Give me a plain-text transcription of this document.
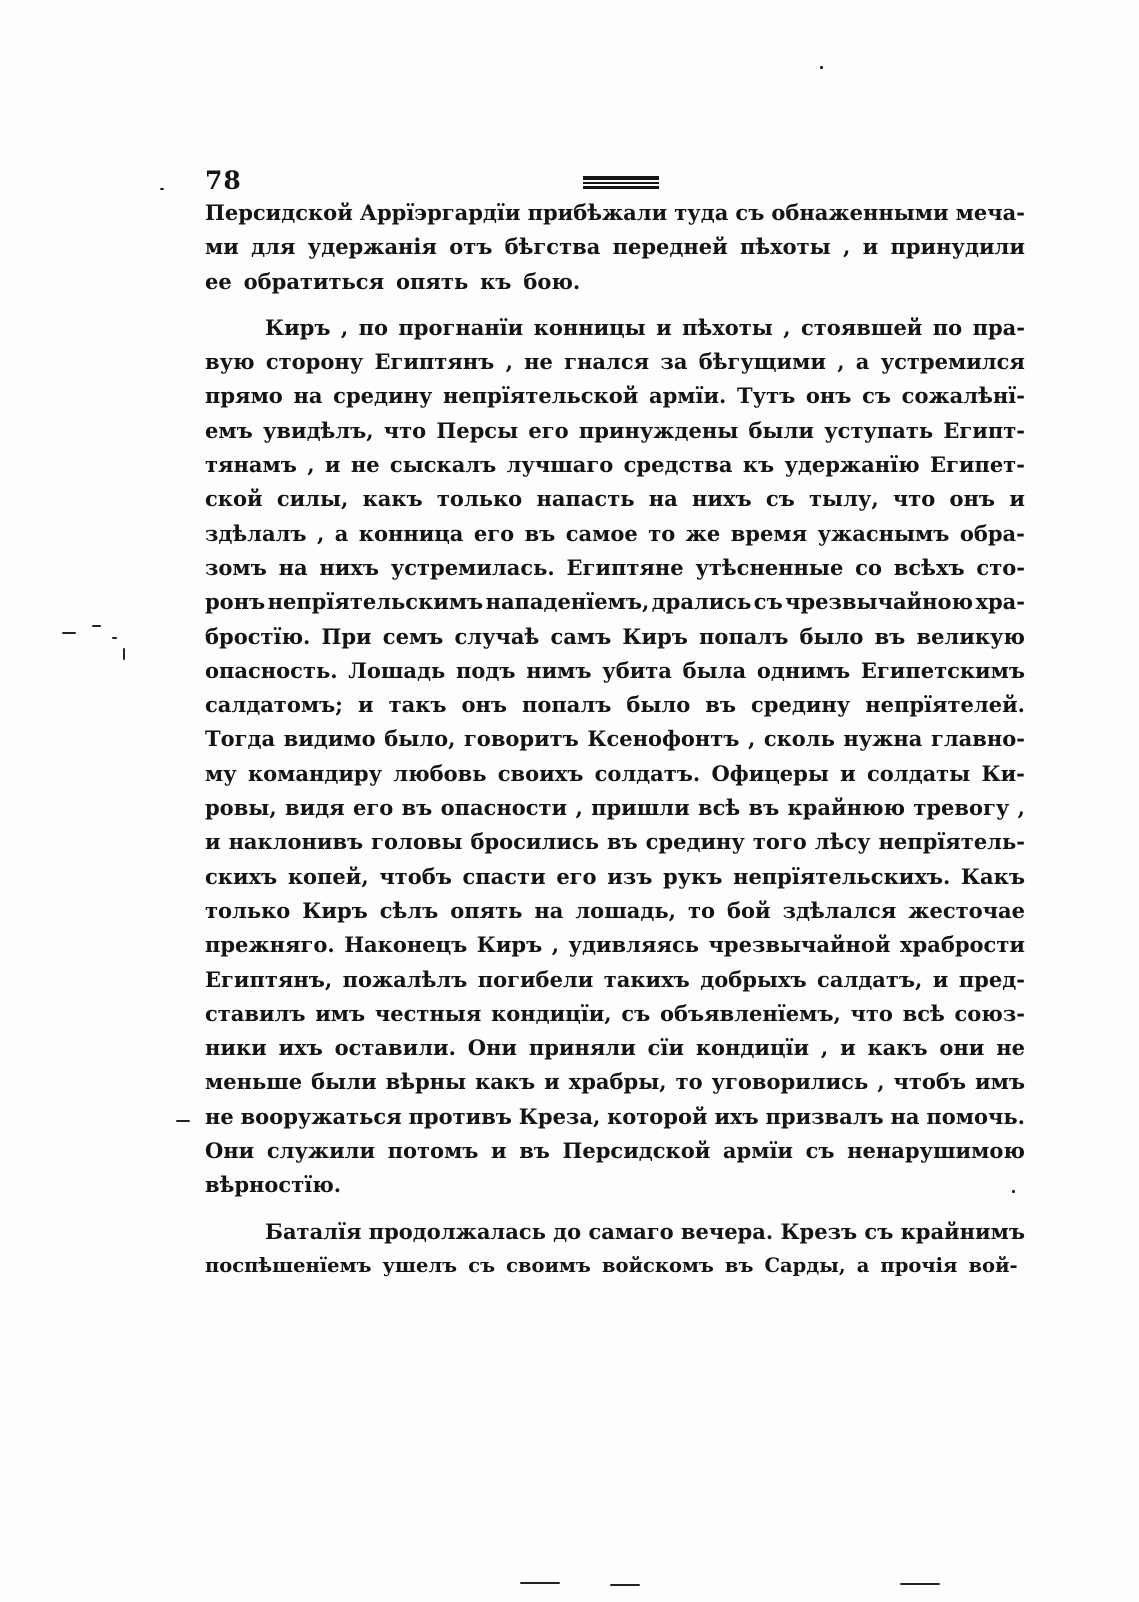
78
Персидской Аррїэргардїи прибѣжали туда съ обнаженными меча-
ми для удержанія отъ бѣгства передней пѣхоты , и принудили
ее обратиться опять къ бою.
Киръ , по прогнанїи конницы и пѣхоты , стоявшей по пра-
вую сторону Египтянъ , не гнался за бѣгущими , а устремился
прямо на средину непрїятельской армїи. Тутъ онъ съ сожалѣнї-
емъ увидѣлъ, что Персы его принуждены были уступать Египт-
тянамъ , и не сыскалъ лучшаго средства къ удержанїю Египет-
ской силы, какъ только напасть на нихъ съ тылу, что онъ и
здѣлалъ , а конница его въ самое то же время ужаснымъ обра-
зомъ на нихъ устремилась. Египтяне утѣсненные со всѣхъ сто-
ронъ непрїятельскимъ нападенїемъ, дрались съ чрезвычайною хра-
бростїю. При семъ случаѣ самъ Киръ попалъ было въ великую
опасность. Лошадь подъ нимъ убита была однимъ Египетскимъ
салдатомъ; и такъ онъ попалъ было въ средину непрїятелей.
Тогда видимо было, говоритъ Ксенофонтъ , сколь нужна главно-
му командиру любовь своихъ солдатъ. Офицеры и солдаты Ки-
ровы, видя его въ опасности , пришли всѣ въ крайнюю тревогу ,
и наклонивъ головы бросились въ средину того лѣсу непрїятель-
скихъ копей, чтобъ спасти его изъ рукъ непрїятельскихъ. Какъ
только Киръ сѣлъ опять на лошадь, то бой здѣлался жесточае
прежняго. Наконецъ Киръ , удивляясь чрезвычайной храбрости
Египтянъ, пожалѣлъ погибели такихъ добрыхъ салдатъ, и пред-
ставилъ имъ честныя кондицїи, съ объявленїемъ, что всѣ союз-
ники ихъ оставили. Они приняли сїи кондицїи , и какъ они не
меньше были вѣрны какъ и храбры, то уговорились , чтобъ имъ
не вооружаться противъ Креза, которой ихъ призвалъ на помочь.
Они служили потомъ и въ Персидской армїи съ ненарушимою
вѣрностїю.
Баталїя продолжалась до самаго вечера. Крезъ съ крайнимъ
поспѣшенїемъ ушелъ съ своимъ войскомъ въ Сарды, а прочія вой-
